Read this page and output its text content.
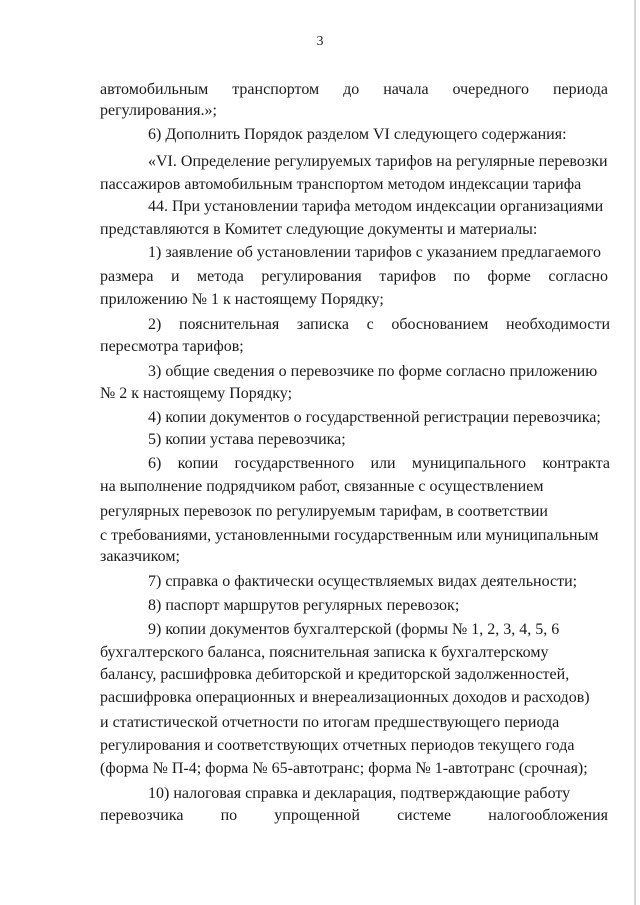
3
автомобильным транспортом до начала очередного периода
регулирования.»;
6) Дополнить Порядок разделом VI следующего содержания:
«VI. Определение регулируемых тарифов на регулярные перевозки
пассажиров автомобильным транспортом методом индексации тарифа
44. При установлении тарифа методом индексации организациями
представляются в Комитет следующие документы и материалы:
1) заявление об установлении тарифов с указанием предлагаемого
размера и метода регулирования тарифов по форме согласно
приложению № 1 к настоящему Порядку;
2) пояснительная записка с обоснованием необходимости
пересмотра тарифов;
3) общие сведения о перевозчике по форме согласно приложению
№ 2 к настоящему Порядку;
4) копии документов о государственной регистрации перевозчика;
5) копии устава перевозчика;
6) копии государственного или муниципального контракта
на выполнение подрядчиком работ, связанные с осуществлением
регулярных перевозок по регулируемым тарифам, в соответствии
с требованиями, установленными государственным или муниципальным
заказчиком;
7) справка о фактически осуществляемых видах деятельности;
8) паспорт маршрутов регулярных перевозок;
9) копии документов бухгалтерской (формы № 1, 2, 3, 4, 5, 6
бухгалтерского баланса, пояснительная записка к бухгалтерскому
балансу, расшифровка дебиторской и кредиторской задолженностей,
расшифровка операционных и внереализационных доходов и расходов)
и статистической отчетности по итогам предшествующего периода
регулирования и соответствующих отчетных периодов текущего года
(форма № П-4; форма № 65-автотранс; форма № 1-автотранс (срочная);
10) налоговая справка и декларация, подтверждающие работу
перевозчика по упрощенной системе налогообложения
